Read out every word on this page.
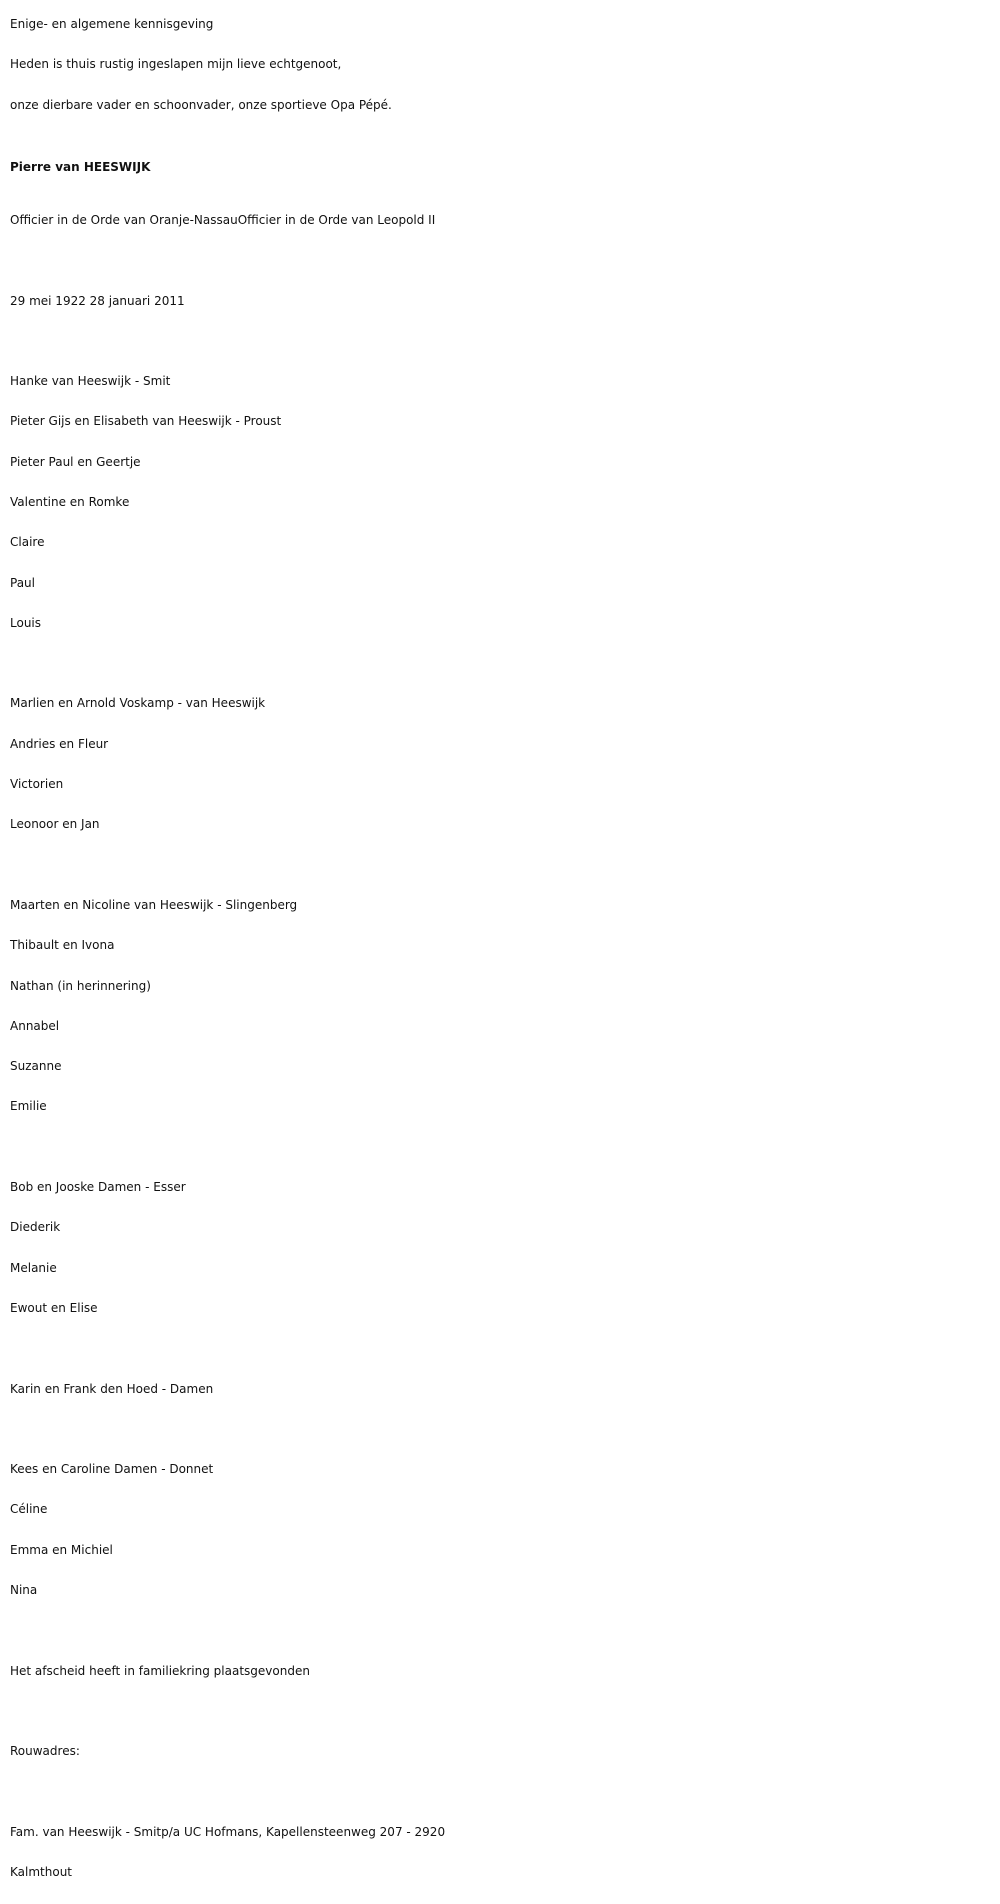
Enige- en algemene kennisgeving

Heden is thuis rustig ingeslapen mijn lieve echtgenoot,

onze dierbare vader en schoonvader, onze sportieve Opa Pépé.

Pierre van HEESWIJK

Officier in de Orde van Oranje-NassauOfficier in de Orde van Leopold II

29 mei 1922 28 januari 2011

Hanke van Heeswijk - Smit

Pieter Gijs en Elisabeth van Heeswijk - Proust

Pieter Paul en Geertje

Valentine en Romke

Claire

Paul

Louis

Marlien en Arnold Voskamp - van Heeswijk

Andries en Fleur

Victorien

Leonoor en Jan

Maarten en Nicoline van Heeswijk - Slingenberg

Thibault en Ivona

Nathan (in herinnering)

Annabel

Suzanne

Emilie

Bob en Jooske Damen - Esser

Diederik

Melanie

Ewout en Elise

Karin en Frank den Hoed - Damen

Kees en Caroline Damen - Donnet

Céline

Emma en Michiel

Nina

Het afscheid heeft in familiekring plaatsgevonden

Rouwadres:

Fam. van Heeswijk - Smitp/a UC Hofmans, Kapellensteenweg 207 - 2920

Kalmthout
